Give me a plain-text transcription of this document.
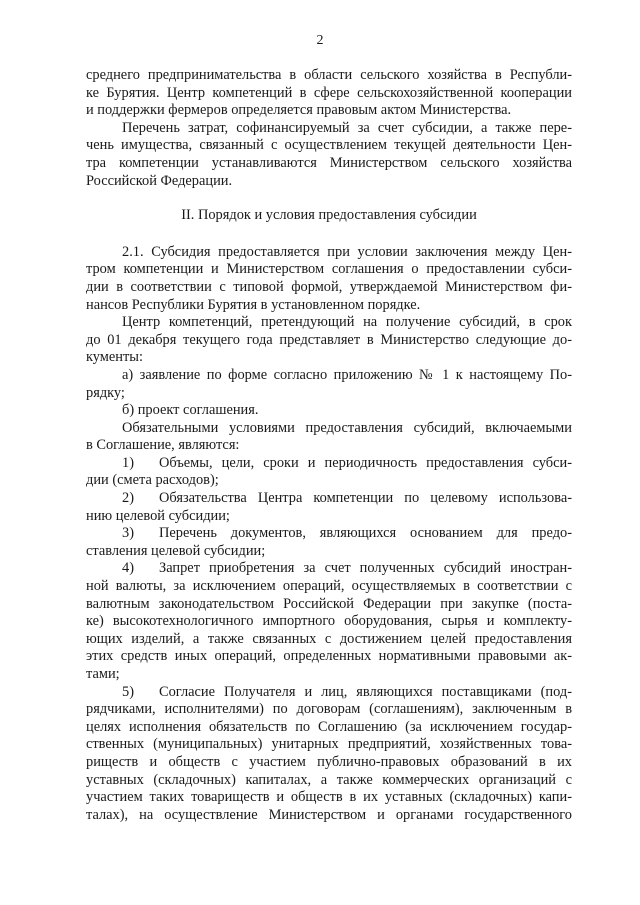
2
среднего предпринимательства в области сельского хозяйства в Республи-
ке Бурятия. Центр компетенций в сфере сельскохозяйственной кооперации
и поддержки фермеров определяется правовым актом Министерства.
Перечень затрат, софинансируемый за счет субсидии, а также пере-
чень имущества, связанный с осуществлением текущей деятельности Цен-
тра компетенции устанавливаются Министерством сельского хозяйства
Российской Федерации.
II. Порядок и условия предоставления субсидии
2.1. Субсидия предоставляется при условии заключения между Цен-
тром компетенции и Министерством соглашения о предоставлении субси-
дии в соответствии с типовой формой, утверждаемой Министерством фи-
нансов Республики Бурятия в установленном порядке.
Центр компетенций, претендующий на получение субсидий, в срок
до 01 декабря текущего года представляет в Министерство следующие до-
кументы:
а) заявление по форме согласно приложению № 1 к настоящему По-
рядку;
б) проект соглашения.
Обязательными условиями предоставления субсидий, включаемыми
в Соглашение, являются:
1) Объемы, цели, сроки и периодичность предоставления субси-
дии (смета расходов);
2) Обязательства Центра компетенции по целевому использова-
нию целевой субсидии;
3) Перечень документов, являющихся основанием для предо-
ставления целевой субсидии;
4) Запрет приобретения за счет полученных субсидий иностран-
ной валюты, за исключением операций, осуществляемых в соответствии с
валютным законодательством Российской Федерации при закупке (поста-
ке) высокотехнологичного импортного оборудования, сырья и комплекту-
ющих изделий, а также связанных с достижением целей предоставления
этих средств иных операций, определенных нормативными правовыми ак-
тами;
5) Согласие Получателя и лиц, являющихся поставщиками (под-
рядчиками, исполнителями) по договорам (соглашениям), заключенным в
целях исполнения обязательств по Соглашению (за исключением государ-
ственных (муниципальных) унитарных предприятий, хозяйственных това-
риществ и обществ с участием публично-правовых образований в их
уставных (складочных) капиталах, а также коммерческих организаций с
участием таких товариществ и обществ в их уставных (складочных) капи-
талах), на осуществление Министерством и органами государственного
